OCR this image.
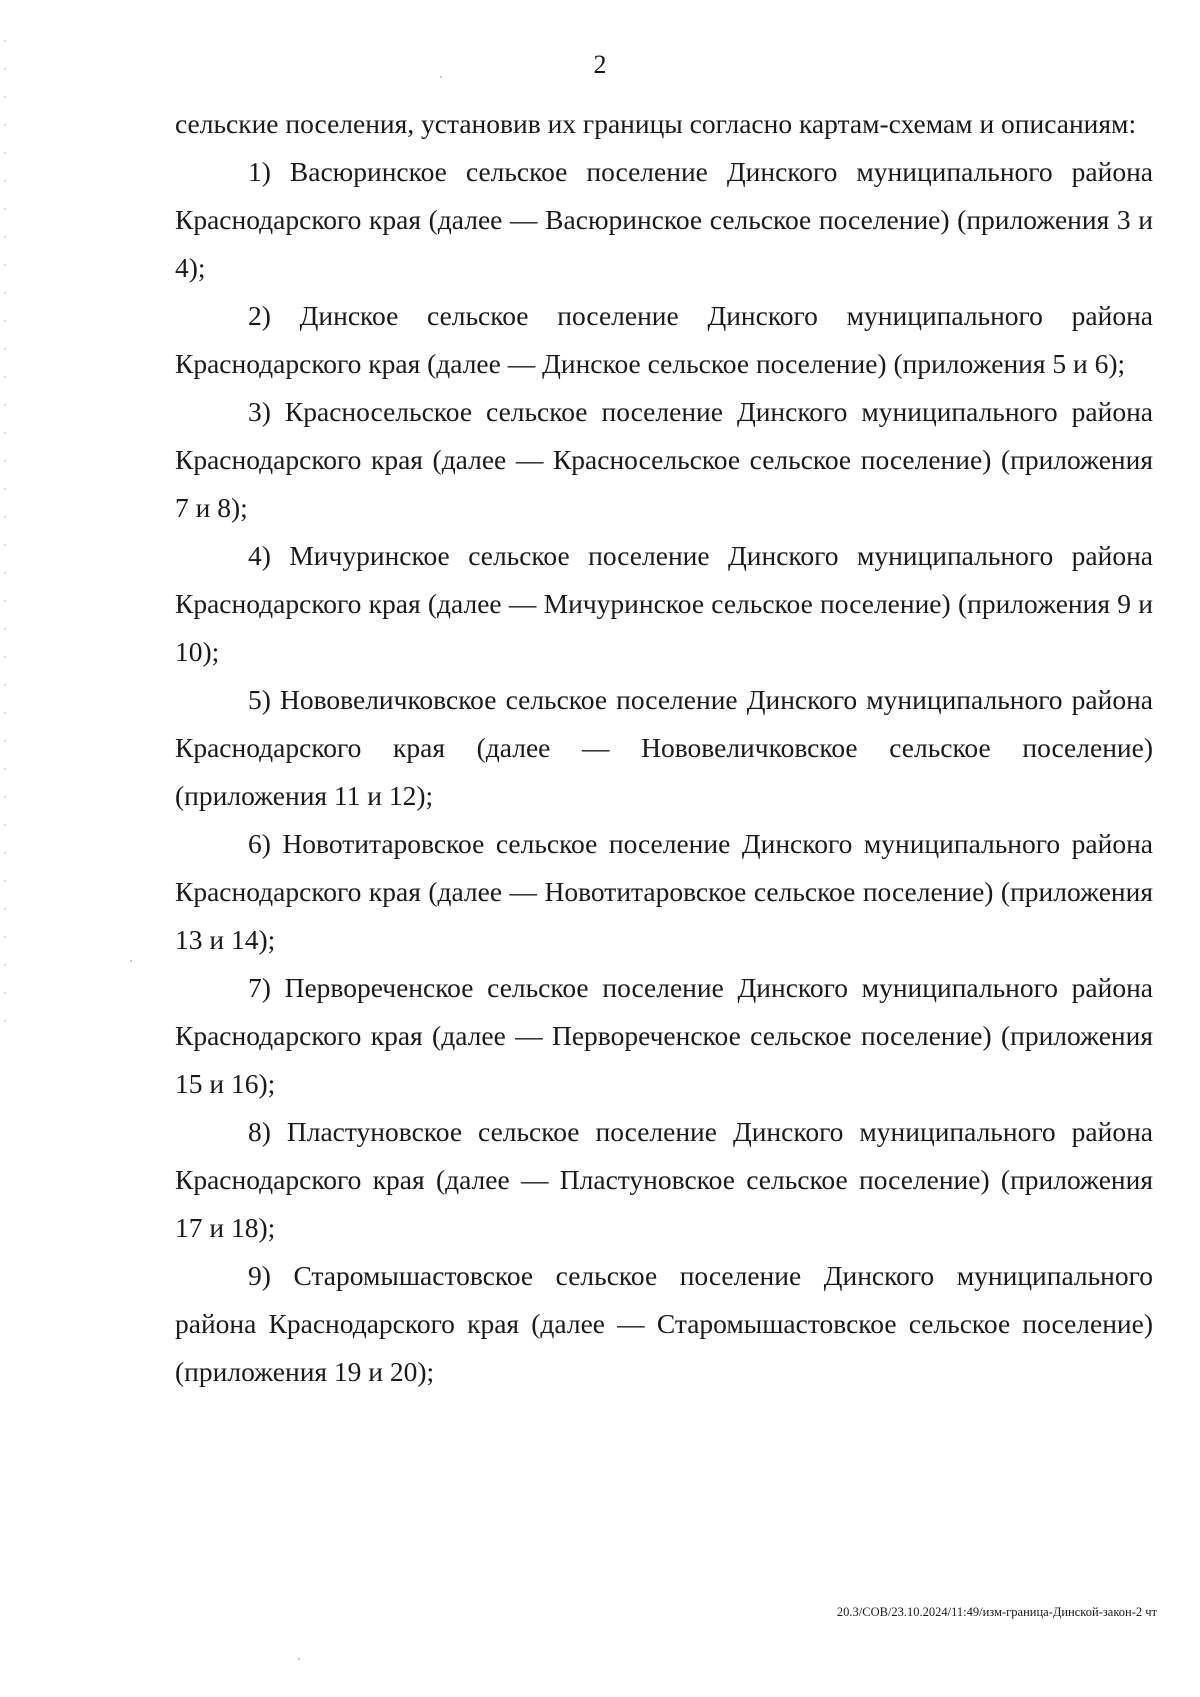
2

сельские поселения, установив их границы согласно картам-схемам и описаниям:

1) Васюринское сельское поселение Динского муниципального района Краснодарского края (далее — Васюринское сельское поселение) (приложения 3 и 4);

2) Динское сельское поселение Динского муниципального района Краснодарского края (далее — Динское сельское поселение) (приложения 5 и 6);

3) Красносельское сельское поселение Динского муниципального района Краснодарского края (далее — Красносельское сельское поселение) (приложения 7 и 8);

4) Мичуринское сельское поселение Динского муниципального района Краснодарского края (далее — Мичуринское сельское поселение) (приложения 9 и 10);

5) Нововеличковское сельское поселение Динского муниципального района Краснодарского края (далее — Нововеличковское сельское поселение) (приложения 11 и 12);

6) Новотитаровское сельское поселение Динского муниципального района Краснодарского края (далее — Новотитаровское сельское поселение) (приложения 13 и 14);

7) Первореченское сельское поселение Динского муниципального района Краснодарского края (далее — Первореченское сельское поселение) (приложения 15 и 16);

8) Пластуновское сельское поселение Динского муниципального района Краснодарского края (далее — Пластуновское сельское поселение) (приложения 17 и 18);

9) Старомышастовское сельское поселение Динского муниципального района Краснодарского края (далее — Старомышастовское сельское поселение) (приложения 19 и 20);

20.3/СОВ/23.10.2024/11:49/изм-граница-Динской-закон-2 чт
